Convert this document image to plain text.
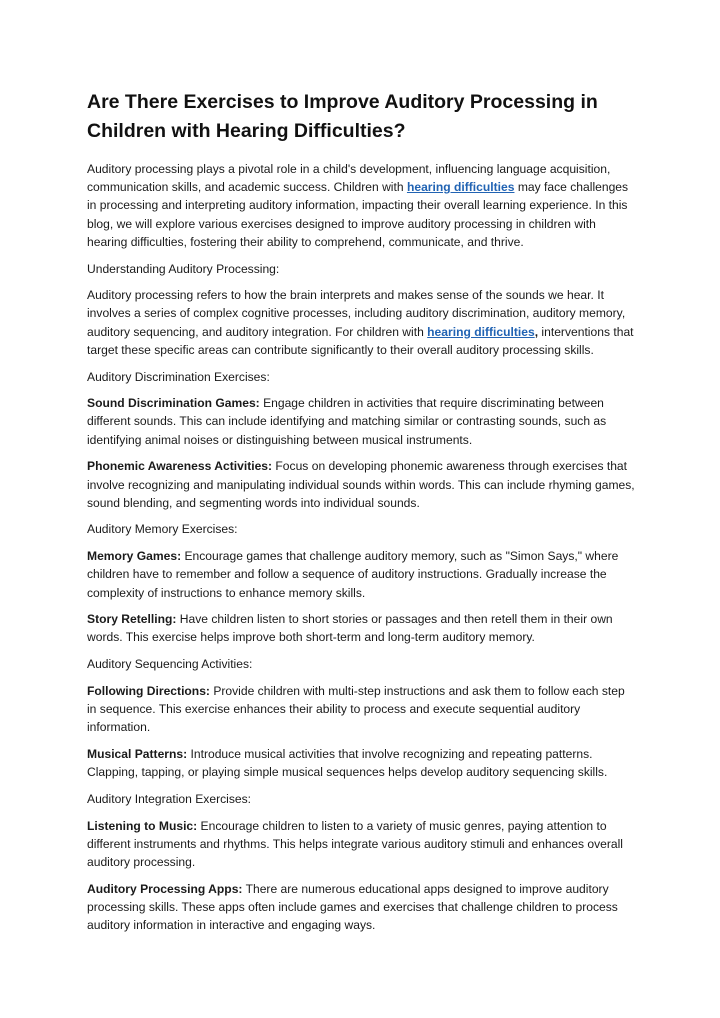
Are There Exercises to Improve Auditory Processing in Children with Hearing Difficulties?

Auditory processing plays a pivotal role in a child's development, influencing language acquisition, communication skills, and academic success. Children with hearing difficulties may face challenges in processing and interpreting auditory information, impacting their overall learning experience. In this blog, we will explore various exercises designed to improve auditory processing in children with hearing difficulties, fostering their ability to comprehend, communicate, and thrive.

Understanding Auditory Processing:

Auditory processing refers to how the brain interprets and makes sense of the sounds we hear. It involves a series of complex cognitive processes, including auditory discrimination, auditory memory, auditory sequencing, and auditory integration. For children with hearing difficulties, interventions that target these specific areas can contribute significantly to their overall auditory processing skills.

Auditory Discrimination Exercises:

Sound Discrimination Games: Engage children in activities that require discriminating between different sounds. This can include identifying and matching similar or contrasting sounds, such as identifying animal noises or distinguishing between musical instruments.

Phonemic Awareness Activities: Focus on developing phonemic awareness through exercises that involve recognizing and manipulating individual sounds within words. This can include rhyming games, sound blending, and segmenting words into individual sounds.

Auditory Memory Exercises:

Memory Games: Encourage games that challenge auditory memory, such as "Simon Says," where children have to remember and follow a sequence of auditory instructions. Gradually increase the complexity of instructions to enhance memory skills.

Story Retelling: Have children listen to short stories or passages and then retell them in their own words. This exercise helps improve both short-term and long-term auditory memory.

Auditory Sequencing Activities:

Following Directions: Provide children with multi-step instructions and ask them to follow each step in sequence. This exercise enhances their ability to process and execute sequential auditory information.

Musical Patterns: Introduce musical activities that involve recognizing and repeating patterns. Clapping, tapping, or playing simple musical sequences helps develop auditory sequencing skills.

Auditory Integration Exercises:

Listening to Music: Encourage children to listen to a variety of music genres, paying attention to different instruments and rhythms. This helps integrate various auditory stimuli and enhances overall auditory processing.

Auditory Processing Apps: There are numerous educational apps designed to improve auditory processing skills. These apps often include games and exercises that challenge children to process auditory information in interactive and engaging ways.
